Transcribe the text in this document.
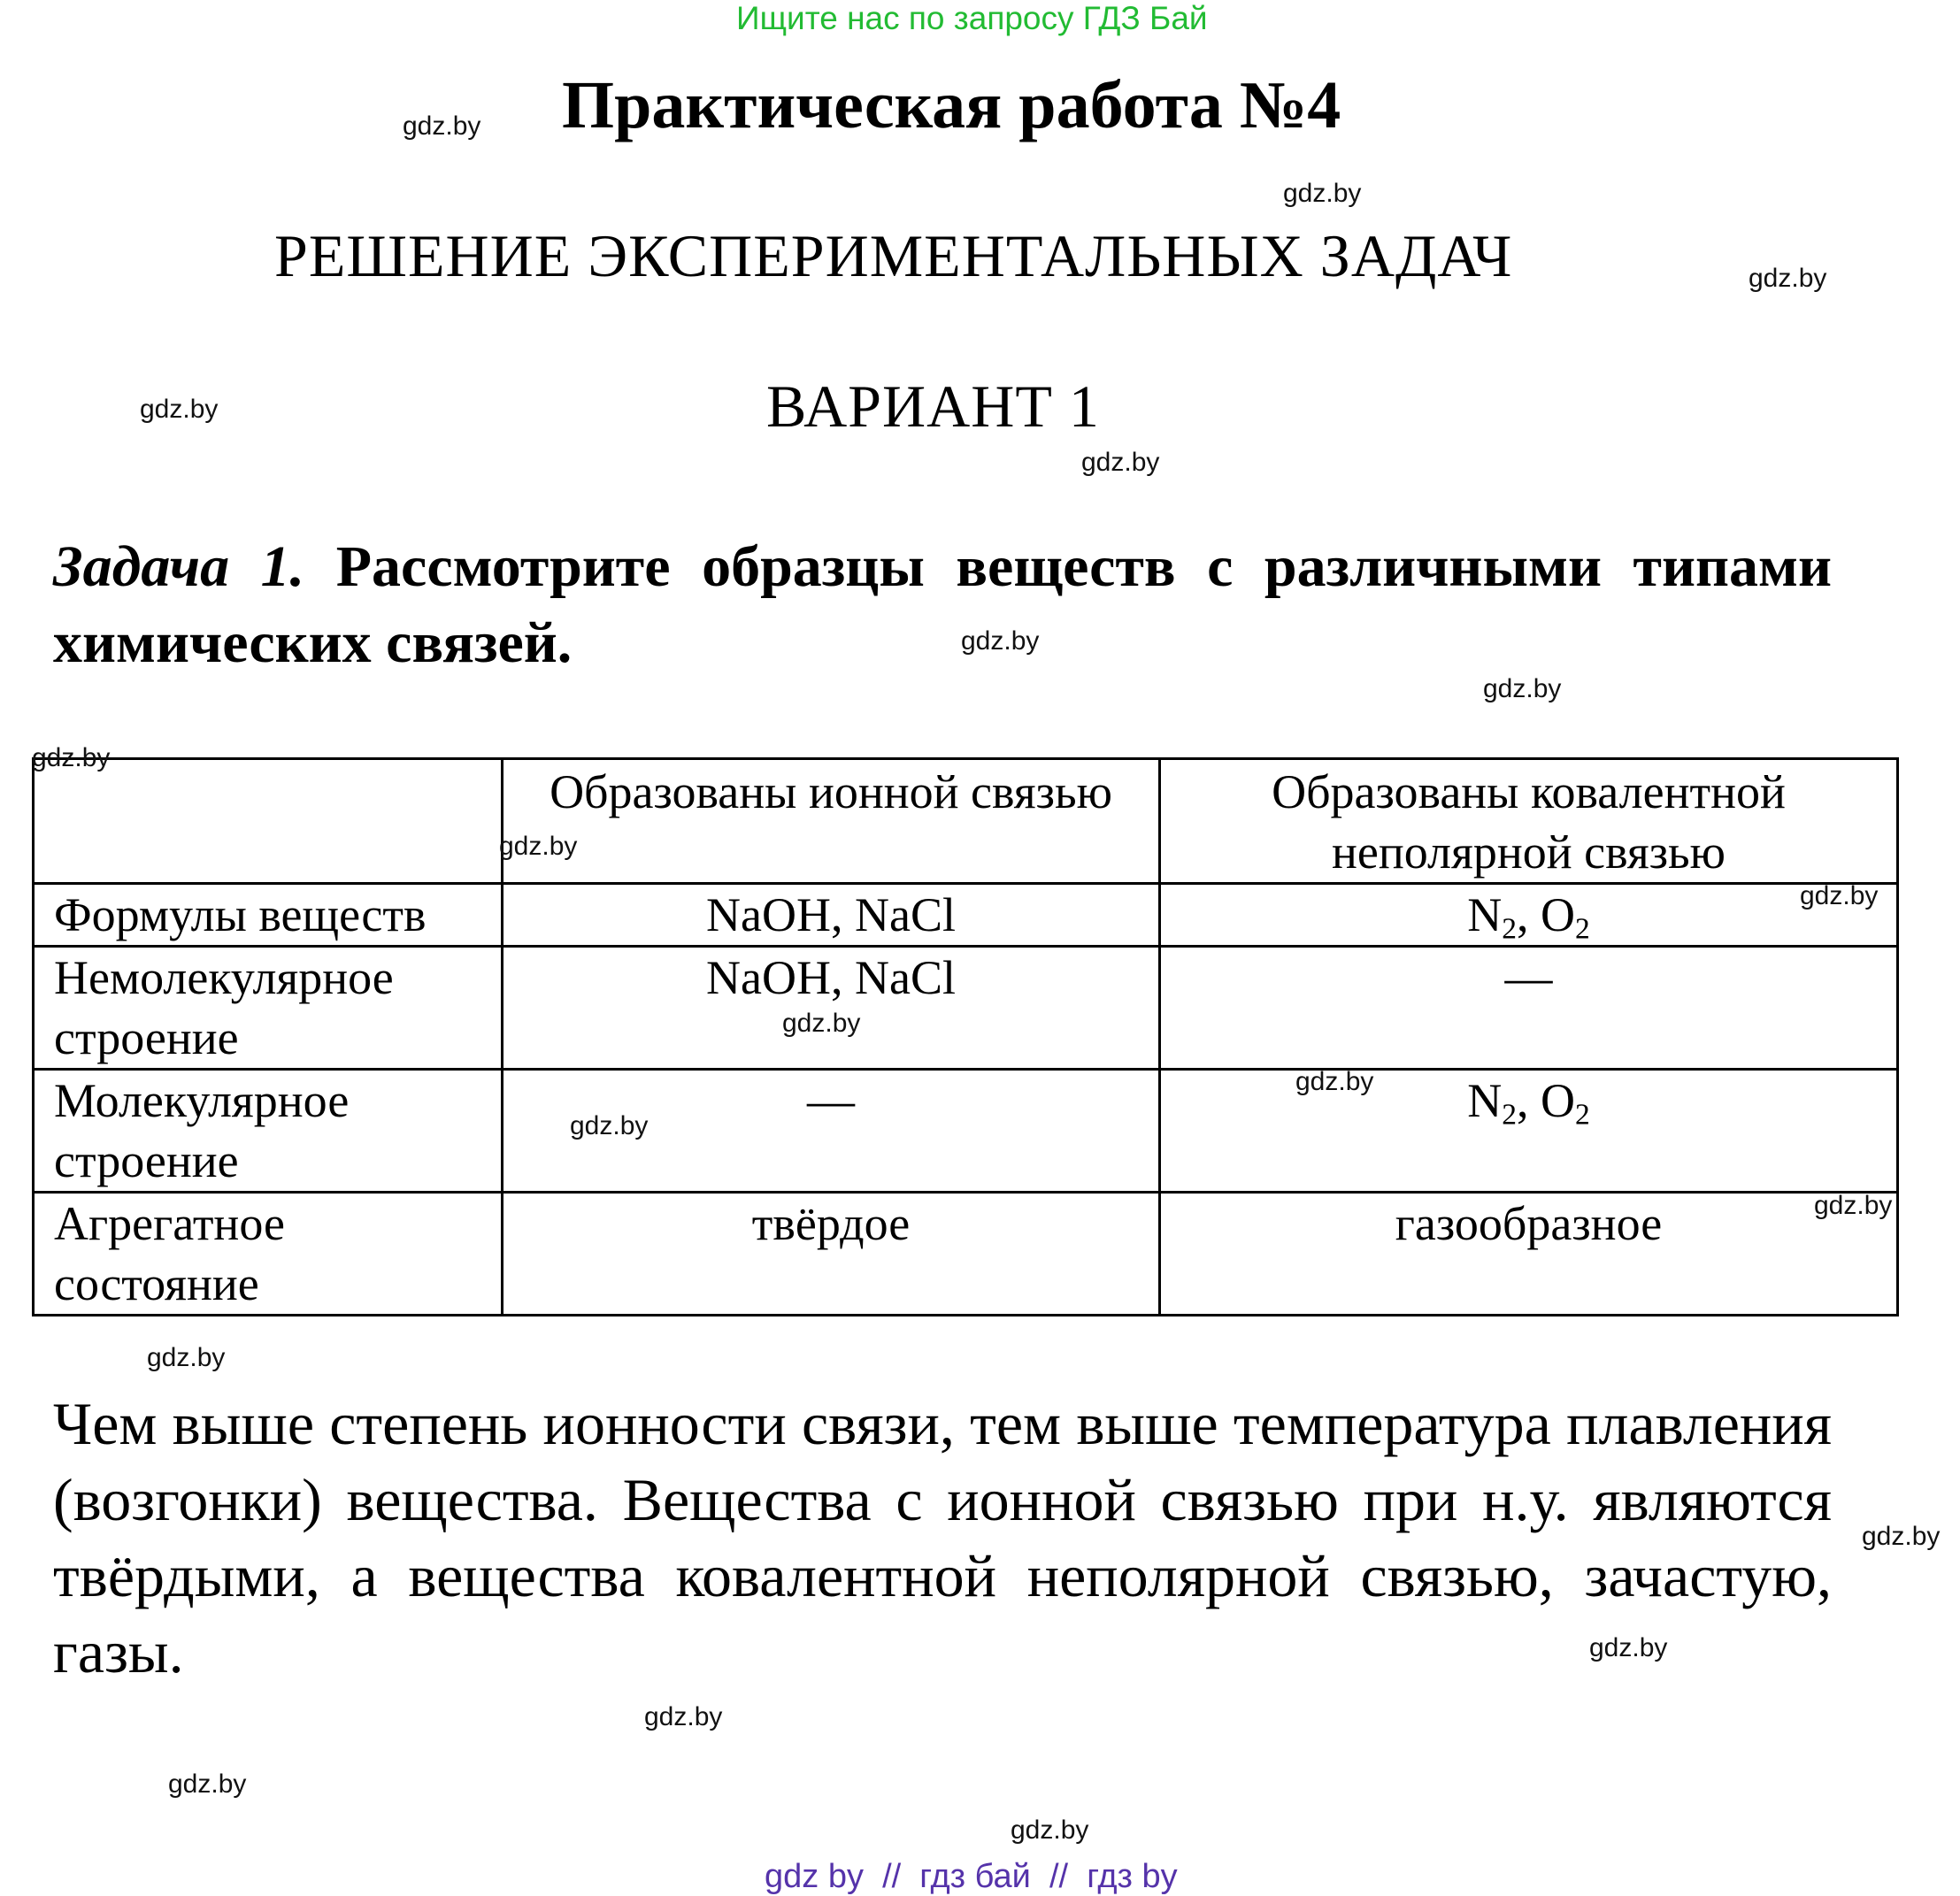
Ищите нас по запросу ГДЗ Бай
Практическая работа №4
РЕШЕНИЕ ЭКСПЕРИМЕНТАЛЬНЫХ ЗАДАЧ
ВАРИАНТ 1
Задача 1. Рассмотрите образцы веществ с различными типами химических связей.
	Образованы ионной связью	Образованы ковалентной неполярной связью
Формулы веществ	NaOH, NaCl	$N_2$, $O_2$
Немолекулярное строение	NaOH, NaCl	—
Молекулярное строение	—	$N_2$, $O_2$
Агрегатное состояние	твёрдое	газообразное
Чем выше степень ионности связи, тем выше температура плавления (возгонки) вещества. Вещества с ионной связью при н.у. являются твёрдыми, а вещества ковалентной неполярной связью, зачастую, газы.
gdz.by
gdz.by
gdz.by
gdz.by
gdz.by
gdz.by
gdz.by
gdz.by
gdz.by
gdz.by
gdz.by
gdz.by
gdz.by
gdz.by
gdz.by
gdz.by
gdz.by
gdz.by
gdz.by
gdz.by
gdz by  //  гдз бай  //  гдз by
